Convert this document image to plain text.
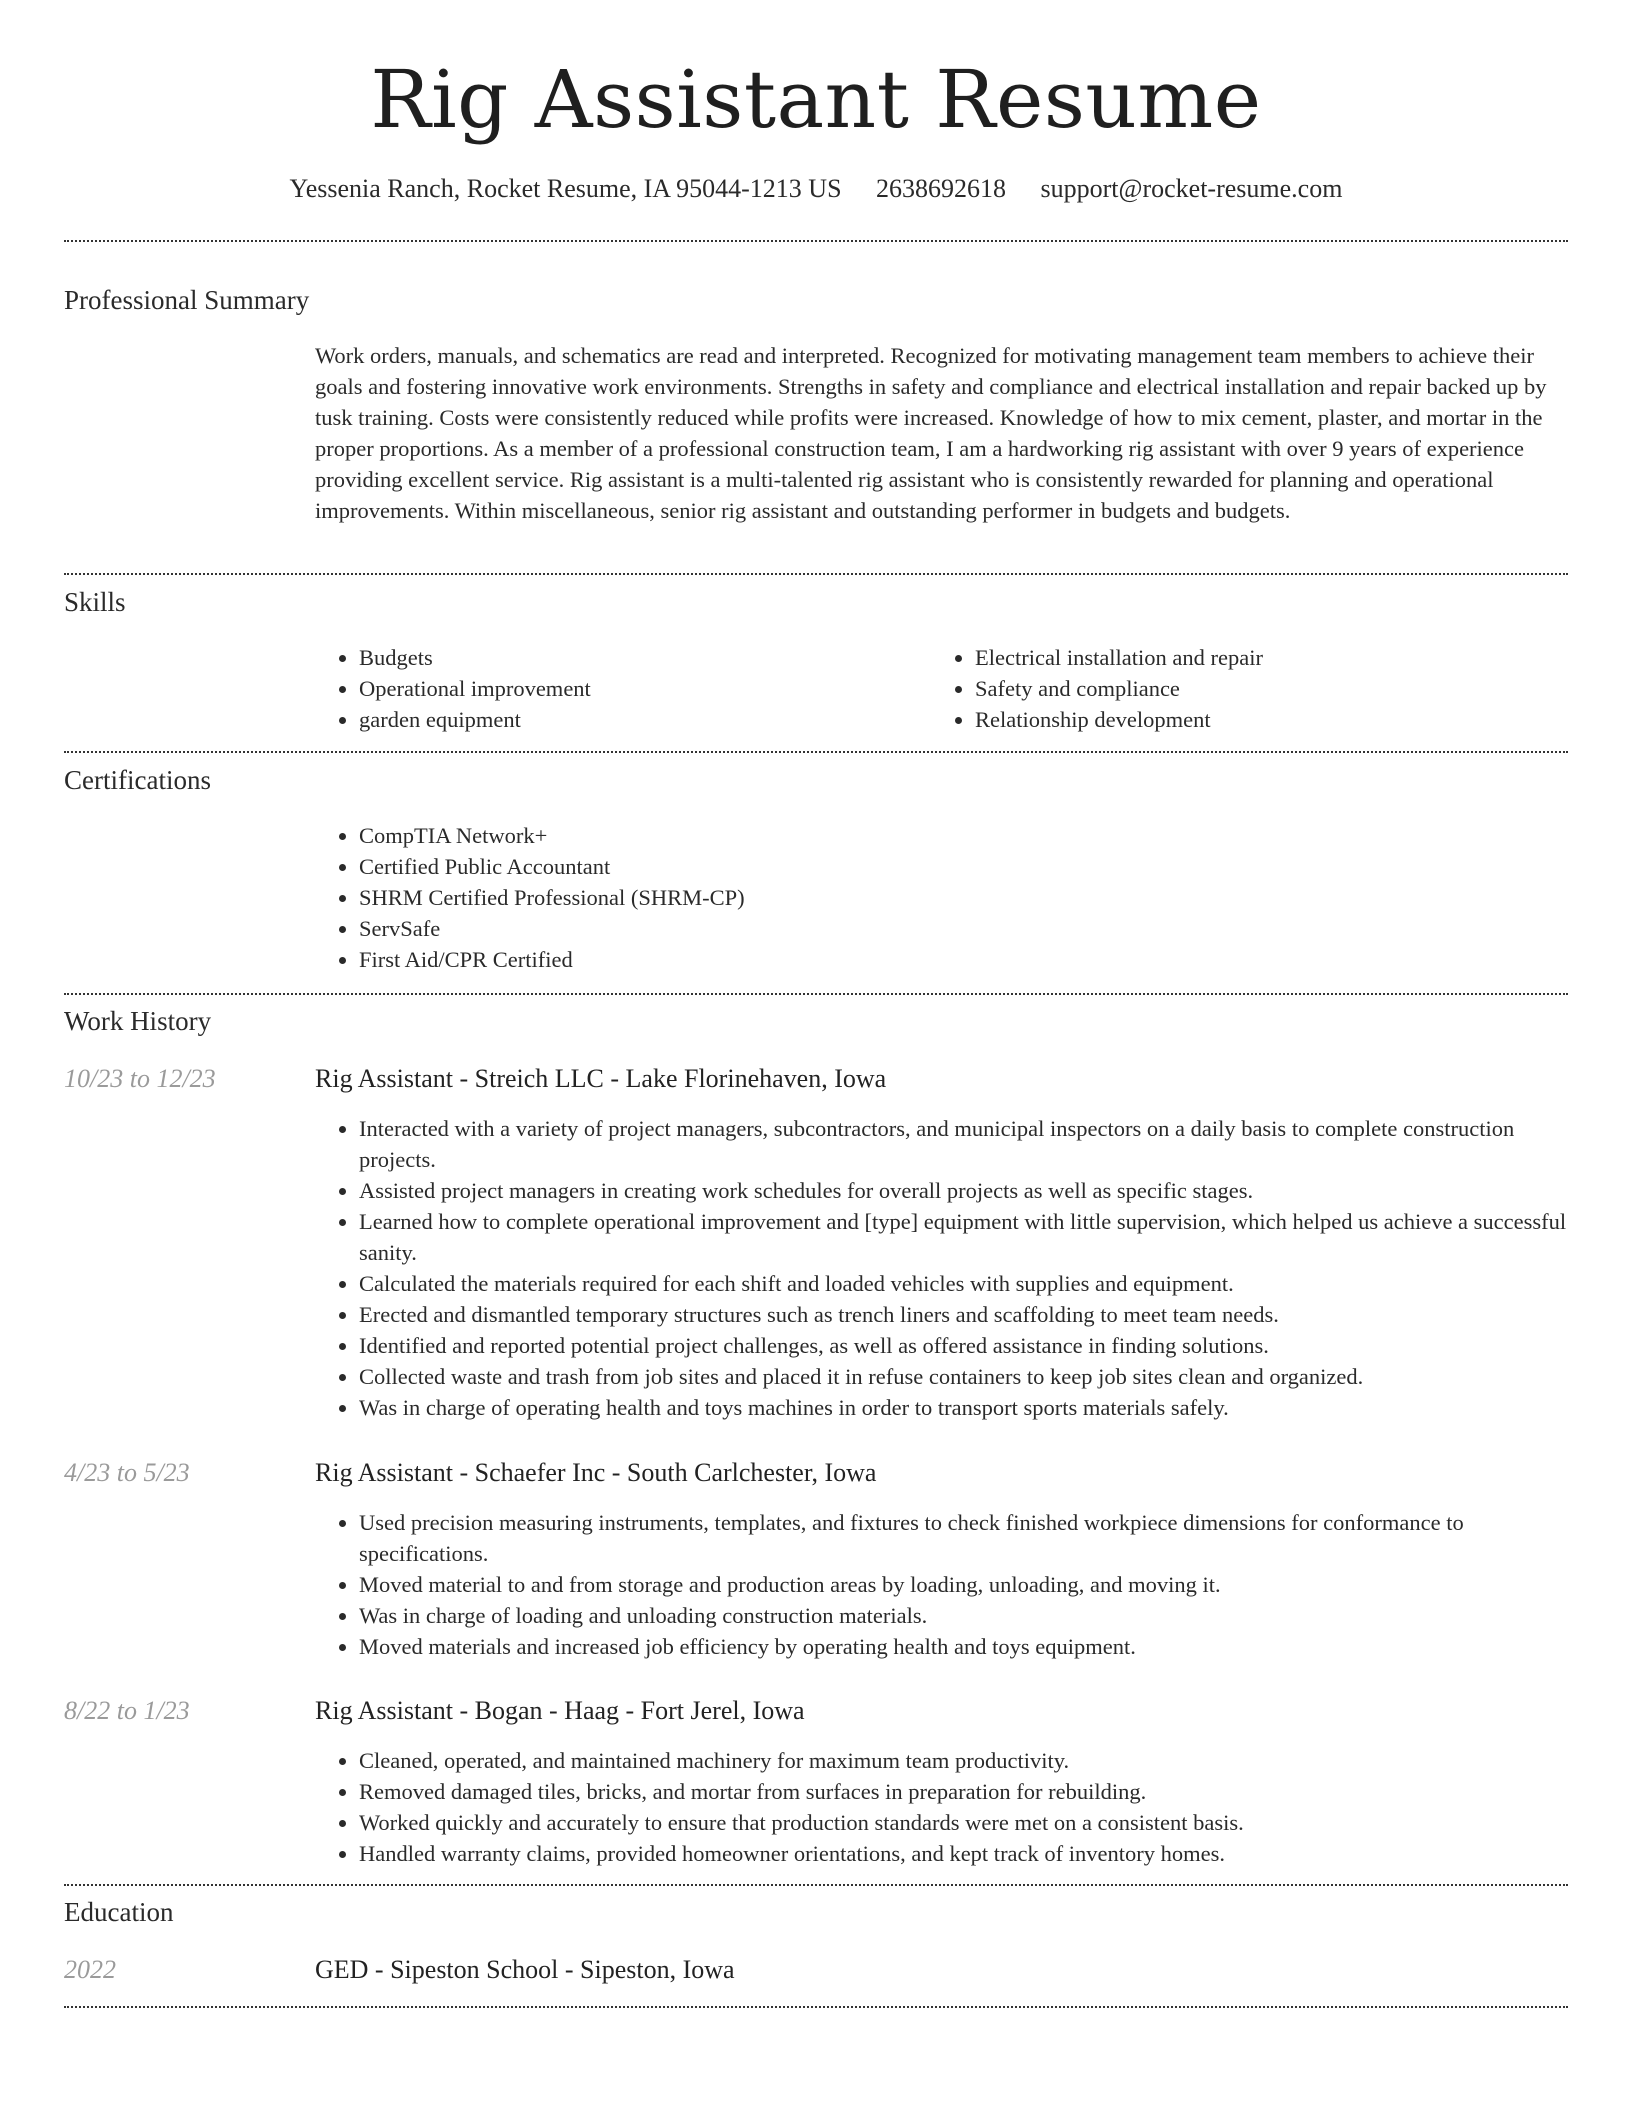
Rig Assistant Resume
Yessenia Ranch, Rocket Resume, IA 95044-1213 US 2638692618 support@rocket-resume.com
Professional Summary
Work orders, manuals, and schematics are read and interpreted. Recognized for motivating management team members to achieve their goals and fostering innovative work environments. Strengths in safety and compliance and electrical installation and repair backed up by tusk training. Costs were consistently reduced while profits were increased. Knowledge of how to mix cement, plaster, and mortar in the proper proportions. As a member of a professional construction team, I am a hardworking rig assistant with over 9 years of experience providing excellent service. Rig assistant is a multi-talented rig assistant who is consistently rewarded for planning and operational improvements. Within miscellaneous, senior rig assistant and outstanding performer in budgets and budgets.
Skills
• Budgets
• Operational improvement
• garden equipment
• Electrical installation and repair
• Safety and compliance
• Relationship development
Certifications
• CompTIA Network+
• Certified Public Accountant
• SHRM Certified Professional (SHRM-CP)
• ServSafe
• First Aid/CPR Certified
Work History
10/23 to 12/23	Rig Assistant - Streich LLC - Lake Florinehaven, Iowa
• Interacted with a variety of project managers, subcontractors, and municipal inspectors on a daily basis to complete construction projects.
• Assisted project managers in creating work schedules for overall projects as well as specific stages.
• Learned how to complete operational improvement and [type] equipment with little supervision, which helped us achieve a successful sanity.
• Calculated the materials required for each shift and loaded vehicles with supplies and equipment.
• Erected and dismantled temporary structures such as trench liners and scaffolding to meet team needs.
• Identified and reported potential project challenges, as well as offered assistance in finding solutions.
• Collected waste and trash from job sites and placed it in refuse containers to keep job sites clean and organized.
• Was in charge of operating health and toys machines in order to transport sports materials safely.
4/23 to 5/23	Rig Assistant - Schaefer Inc - South Carlchester, Iowa
• Used precision measuring instruments, templates, and fixtures to check finished workpiece dimensions for conformance to specifications.
• Moved material to and from storage and production areas by loading, unloading, and moving it.
• Was in charge of loading and unloading construction materials.
• Moved materials and increased job efficiency by operating health and toys equipment.
8/22 to 1/23	Rig Assistant - Bogan - Haag - Fort Jerel, Iowa
• Cleaned, operated, and maintained machinery for maximum team productivity.
• Removed damaged tiles, bricks, and mortar from surfaces in preparation for rebuilding.
• Worked quickly and accurately to ensure that production standards were met on a consistent basis.
• Handled warranty claims, provided homeowner orientations, and kept track of inventory homes.
Education
2022	GED - Sipeston School - Sipeston, Iowa
